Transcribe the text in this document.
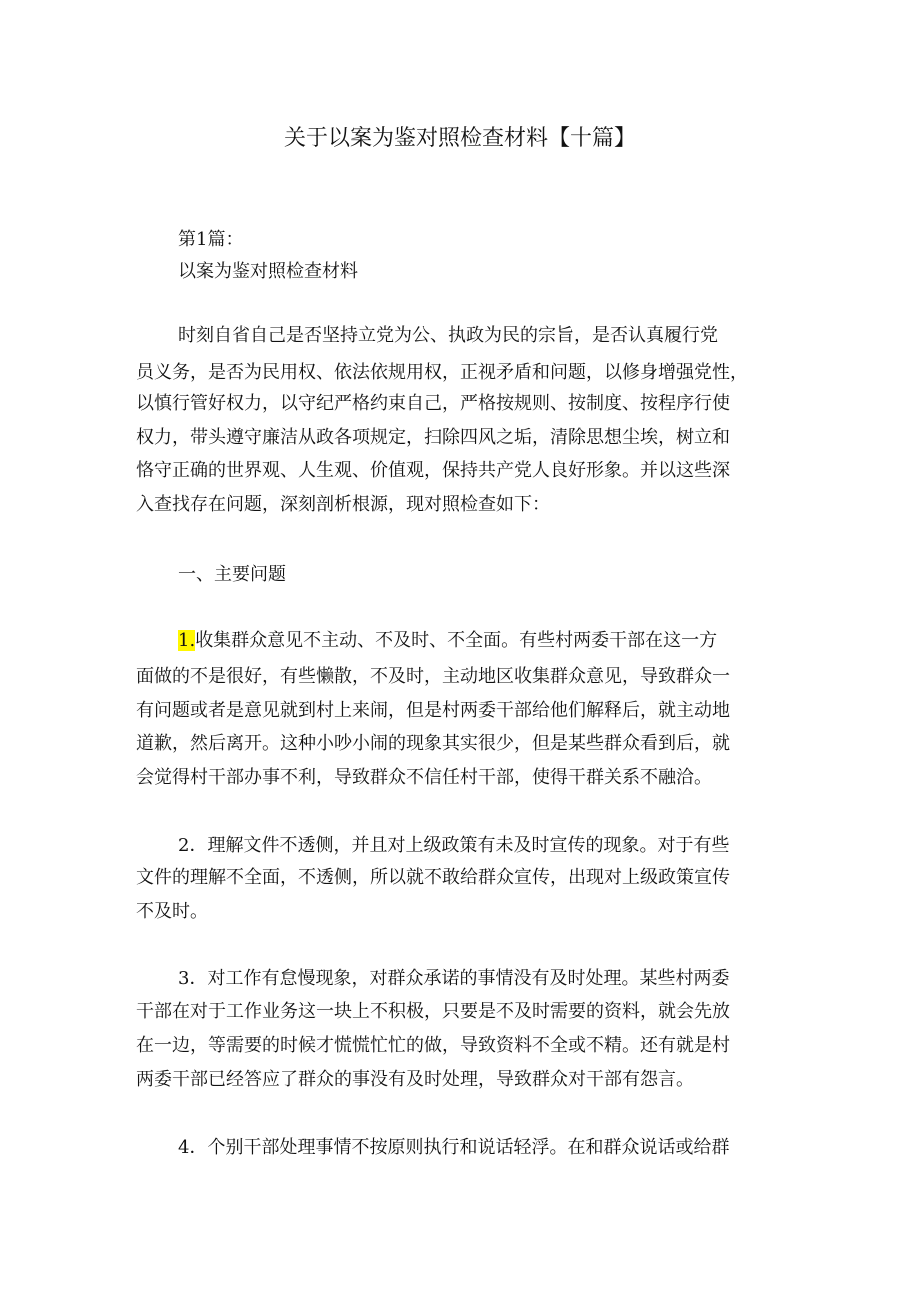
关于以案为鉴对照检查材料【十篇】
第1篇：
以案为鉴对照检查材料
时刻自省自己是否坚持立党为公、执政为民的宗旨，是否认真履行党
员义务，是否为民用权、依法依规用权，正视矛盾和问题，以修身增强党性，
以慎行管好权力，以守纪严格约束自己，严格按规则、按制度、按程序行使
权力，带头遵守廉洁从政各项规定，扫除四风之垢，清除思想尘埃，树立和
恪守正确的世界观、人生观、价值观，保持共产党人良好形象。并以这些深
入查找存在问题，深刻剖析根源，现对照检查如下：
一、主要问题
1.收集群众意见不主动、不及时、不全面。有些村两委干部在这一方
面做的不是很好，有些懒散，不及时，主动地区收集群众意见，导致群众一
有问题或者是意见就到村上来闹，但是村两委干部给他们解释后，就主动地
道歉，然后离开。这种小吵小闹的现象其实很少，但是某些群众看到后，就
会觉得村干部办事不利，导致群众不信任村干部，使得干群关系不融洽。
2．理解文件不透侧，并且对上级政策有未及时宣传的现象。对于有些
文件的理解不全面，不透侧，所以就不敢给群众宣传，出现对上级政策宣传
不及时。
3．对工作有怠慢现象，对群众承诺的事情没有及时处理。某些村两委
干部在对于工作业务这一块上不积极，只要是不及时需要的资料，就会先放
在一边，等需要的时候才慌慌忙忙的做，导致资料不全或不精。还有就是村
两委干部已经答应了群众的事没有及时处理，导致群众对干部有怨言。
4．个别干部处理事情不按原则执行和说话轻浮。在和群众说话或给群
